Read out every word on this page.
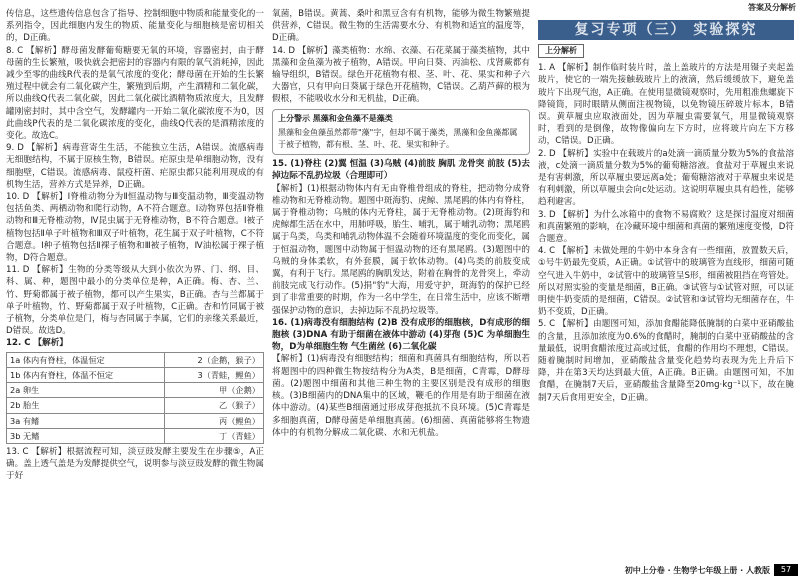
答案及分解析

传信息，这些遗传信息包含了指导、控制细胞中物质和能量变化的一系列指令，因此细胞内发生的物质、能量变化与细胞核是密切相关的，D正确。

8. C 【解析】酵母菌发酵葡萄糖要无氧的环境，容器密封，由于酵母菌的生长繁殖，吸快就会把密封的容器内有限的氧气消耗掉，因此减少至零的曲线R代表的是氧气浓度的变化；酵母菌在开始的生长繁殖过程中就会有二氧化碳产生，繁殖到后期，产生酒精和二氧化碳，所以曲线Q代表二氧化碳，因此二氧化碳比酒精物质浓度大，且发酵罐刚密封时，其中含空气，发酵罐内一开始二氧化碳浓度不为0，因此曲线P代表的是二氧化碳浓度的变化，曲线Q代表的是酒精浓度的变化。故选C。

9. D 【解析】病毒营寄生生活，不能独立生活，A错误。流感病毒无细胞结构，不属于原核生物，B错误。疟原虫是单细胞动物，没有细胞壁，C错误。流感病毒、鼠疫杆菌、疟原虫都只能利用现成的有机物生活，营养方式是异养，D正确。

10. D 【解析】Ⅰ脊椎动物分为Ⅱ恒温动物与Ⅲ变温动物，Ⅲ变温动物包括鱼类、两栖动物和爬行动物，A不符合题意。Ⅰ动物界包括Ⅱ脊椎动物和Ⅲ无脊椎动物，Ⅳ昆虫属于无脊椎动物，B不符合题意。Ⅰ被子植物包括Ⅱ单子叶植物和Ⅲ双子叶植物，花生属于双子叶植物，C不符合题意。Ⅰ种子植物包括Ⅱ裸子植物和Ⅲ被子植物，Ⅳ油松属于裸子植物，D符合题意。

11. D 【解析】生物的分类等级从大到小依次为界、门、纲、目、科、属、种，题图中最小的分类单位是种，A正确。梅、杏、兰、竹、野菊都属于被子植物，都可以产生果实，B正确。杏与兰都属于单子叶植物，竹、野菊都属于双子叶植物，C正确。杏和竹同属于被子植物，分类单位是门，梅与杏同属于李属，它们的亲缘关系最近，D错误。故选D。

12. C 【解析】

1a 体内有脊柱，体温恒定	2（企鹅，猴子）
1b 体内有脊柱，体温不恒定	3（青蛙，鲤鱼）
2a 卵生	甲（企鹅）
2b 胎生	乙（猴子）
3a 有鳍	丙（鲤鱼）
3b 无鳍	丁（青蛙）

13. C 【解析】根据流程可知，淡豆豉发酵主要发生在步骤⑤，A正确。盖上透气盖是为发酵提供空气，说明参与淡豆豉发酵的微生物属于好

氧菌，B错误。黄蒿、桑叶和黑豆含有有机物，能够为微生物繁殖提供营养，C错误。微生物的生活需要水分、有机物和适宜的温度等，D正确。

14. D 【解析】藻类植物：水绵、衣藻、石花菜属于藻类植物，其中黑藻和金鱼藻为被子植物，A错误。甲向日葵、丙油松、戊肾蕨都有输导组织，B错误。绿色开花植物有根、茎、叶、花、果实和种子六大器官，只有甲向日葵属于绿色开花植物，C错误。乙葫芦藓的根为假根，不能吸收水分和无机盐，D正确。

上分警示 黑藻和金鱼藻不是藻类
黑藻和金鱼藻虽然都带"藻"字，但却不属于藻类，黑藻和金鱼藻都属于被子植物，都有根、茎、叶、花、果实和种子。

15. (1)脊柱 (2)翼 恒温 (3)乌贼 (4)前肢 胸肌 龙骨突 前肢 (5)去掉边际不乱扔垃圾（合理即可）

【解析】(1)根据动物体内有无由脊椎骨组成的脊柱，把动物分成脊椎动物和无脊椎动物。题图中斑海豹、虎鲸、黑尾鸥的体内有脊柱，属于脊椎动物；乌贼的体内无脊柱，属于无脊椎动物。(2)斑海豹和虎鲸都生活在水中，用肺呼吸，胎生、哺乳，属于哺乳动物；黑尾鸥属于鸟类，鸟类和哺乳动物体温不会随着环境温度的变化而变化，属于恒温动物，题图中动物属于恒温动物的还有黑尾鸥。(3)题图中的乌贼的身体柔软，有外套膜，属于软体动物。(4)鸟类的前肢变成翼，有利于飞行。黑尾鸥的胸肌发达，附着在胸骨的龙骨突上，牵动前肢完成飞行动作。(5)捐"豹"大海，用爱守护，斑海豹的保护已经到了非常重要的时期，作为一名中学生，在日常生活中，应该不断增强保护动物的意识，去掉边际不乱扔垃圾等。

16. (1)病毒没有细胞结构 (2)B 没有成形的细胞核，D有成形的细胞核 (3)DNA 有助于细菌在液体中游动 (4)芽孢 (5)C 为单细胞生物，D为单细胞生物 气生菌丝 (6)二氧化碳

【解析】(1)病毒没有细胞结构；细菌和真菌具有细胞结构，所以若将题图中的四种微生物按结构分为A类，B是细菌，C青霉，D酵母菌。(2)题图中细菌和其他三种生物的主要区别是没有成形的细胞核。(3)B细菌内的DNA集中的区域，鞭毛的作用是有助于细菌在液体中游动。(4)某些B细菌通过形成芽孢抵抗不良环境。(5)C青霉是多细胞真菌，D酵母菌是单细胞真菌。(6)细菌、真菌能够将生物遗体中的有机物分解成二氧化碳、水和无机盐。

复习专项（三） 实验探究
上分解析

1. A 【解析】制作临时装片时，盖上盖玻片的方法是用镊子夹起盖玻片，使它的一端先接触载玻片上的液滴，然后缓缓放下，避免盖玻片下出现气泡，A正确。在使用显微镜观察时，先用粗准焦螺旋下降镜筒，同时眼睛从侧面注视物镜，以免物镜压碎玻片标本，B错误。黄草履虫应取液面处，因为草履虫需要氧气，用显微镜观察时，看到的是倒像，故物像偏向左下方时，应将玻片向左下方移动，C错误。D正确。

2. D 【解析】实验中在载玻片的a处滴一滴质量分数为5%的食盐溶液，c处滴一滴质量分数为5%的葡萄糖溶液。食盐对于草履虫来说是有害刺激，所以草履虫要远离a处；葡萄糖溶液对于草履虫来说是有利刺激，所以草履虫会向c处运动。这说明草履虫具有趋性，能够趋利避害。

3. D 【解析】为什么冰箱中的食物不易腐败？这是探讨温度对细菌和真菌繁殖的影响，在冷藏环境中细菌和真菌的繁殖速度变慢，D符合题意。

4. C 【解析】未做处理的牛奶中本身含有一些细菌，放置数天后，①号牛奶最先变质，A正确。①试管中的玻璃管为直线形，细菌可随空气进入牛奶中，②试管中的玻璃管呈S形，细菌被阻挡在弯管处。所以对照实验的变量是细菌，B正确。③试管与①试管对照，可以证明使牛奶变质的是细菌，C错误。②试管和③试管均无细菌存在，牛奶不变质，D正确。

5. C 【解析】由题图可知，添加食醋能降低腌制的白菜中亚硝酸盐的含量，且添加浓度为0.6%的食醋时，腌制的白菜中亚硝酸盐的含量最低，说明食醋浓度过高或过低，食醋的作用均不理想，C错误。随着腌制时间增加，亚硝酸盐含量变化趋势均表现为先上升后下降，并在第3天均达到最大值，A正确。B正确。由题图可知，不加食醋，在腌制7天后，亚硝酸盐含量降至20mg·kg⁻¹以下，故在腌制7天后食用更安全，D正确。

初中上分卷 · 生物学七年级上册 · 人教版	57
